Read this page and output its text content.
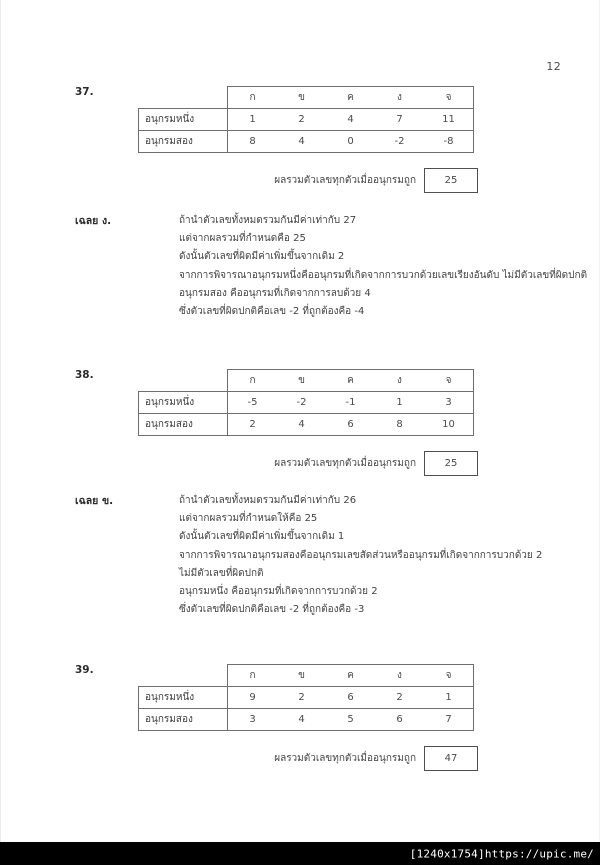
12
37.
		ก	ข	ค	ง	จ
อนุกรมหนึ่ง	1	2	4	7	11
อนุกรมสอง	8	4	0	-2	-8
ผลรวมตัวเลขทุกตัวเมื่ออนุกรมถูก	25
เฉลย ง.	ถ้านำตัวเลขทั้งหมดรวมกันมีค่าเท่ากับ 27
แต่จากผลรวมที่กำหนดคือ 25
ดังนั้นตัวเลขที่ผิดมีค่าเพิ่มขึ้นจากเดิม 2
จากการพิจารณาอนุกรมหนึ่งคืออนุกรมที่เกิดจากการบวกด้วยเลขเรียงอันดับ ไม่มีตัวเลขที่ผิดปกติ
อนุกรมสอง คืออนุกรมที่เกิดจากการลบด้วย 4
ซึ่งตัวเลขที่ผิดปกติคือเลข -2 ที่ถูกต้องคือ -4
38.
		ก	ข	ค	ง	จ
อนุกรมหนึ่ง	-5	-2	-1	1	3
อนุกรมสอง	2	4	6	8	10
ผลรวมตัวเลขทุกตัวเมื่ออนุกรมถูก	25
เฉลย ข.	ถ้านำตัวเลขทั้งหมดรวมกันมีค่าเท่ากับ 26
แต่จากผลรวมที่กำหนดให้คือ 25
ดังนั้นตัวเลขที่ผิดมีค่าเพิ่มขึ้นจากเดิม 1
จากการพิจารณาอนุกรมสองคืออนุกรมเลขสัดส่วนหรืออนุกรมที่เกิดจากการบวกด้วย 2
ไม่มีตัวเลขที่ผิดปกติ
อนุกรมหนึ่ง คืออนุกรมที่เกิดจากการบวกด้วย 2
ซึ่งตัวเลขที่ผิดปกติคือเลข -2 ที่ถูกต้องคือ -3
39.
		ก	ข	ค	ง	จ
อนุกรมหนึ่ง	9	2	6	2	1
อนุกรมสอง	3	4	5	6	7
ผลรวมตัวเลขทุกตัวเมื่ออนุกรมถูก	47
[1240x1754]https://upic.me/
